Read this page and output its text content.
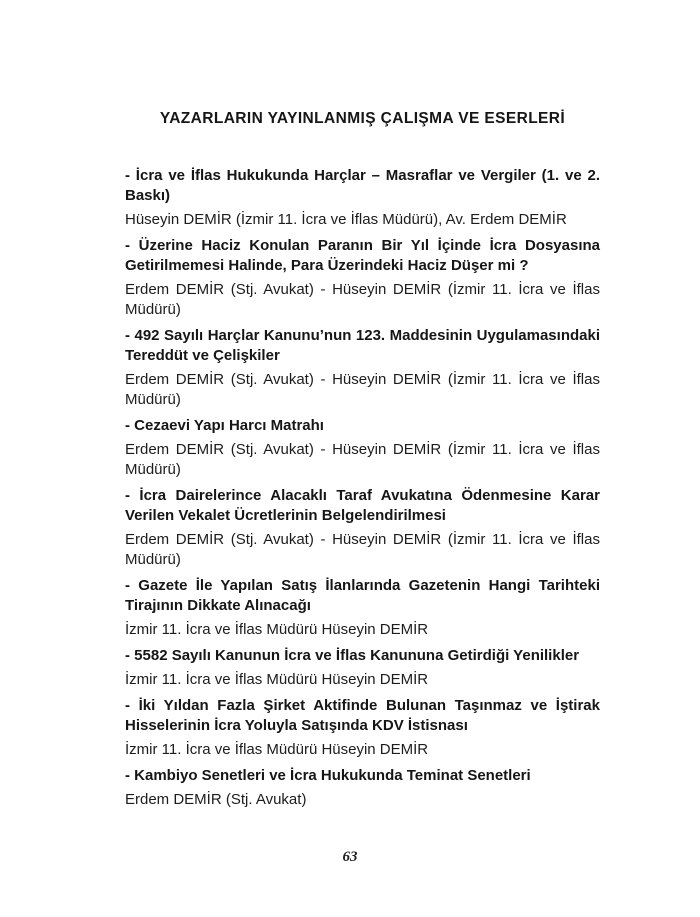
YAZARLARIN YAYINLANMIŞ ÇALIŞMA VE ESERLERİ

- İcra ve İflas Hukukunda Harçlar – Masraflar ve Vergiler (1. ve 2. Baskı)

Hüseyin DEMİR (İzmir 11. İcra ve İflas Müdürü), Av. Erdem DEMİR

- Üzerine Haciz Konulan Paranın Bir Yıl İçinde İcra Dosyasına Getirilmemesi Halinde, Para Üzerindeki Haciz Düşer mi ?

Erdem DEMİR (Stj. Avukat) - Hüseyin DEMİR (İzmir 11. İcra ve İflas Müdürü)

- 492 Sayılı Harçlar Kanunu’nun 123. Maddesinin Uygulamasındaki Tereddüt ve Çelişkiler

Erdem DEMİR (Stj. Avukat) - Hüseyin DEMİR (İzmir 11. İcra ve İflas Müdürü)

- Cezaevi Yapı Harcı Matrahı

Erdem DEMİR (Stj. Avukat) - Hüseyin DEMİR (İzmir 11. İcra ve İflas Müdürü)

- İcra Dairelerince Alacaklı Taraf Avukatına Ödenmesine Karar Verilen Vekalet Ücretlerinin Belgelendirilmesi

Erdem DEMİR (Stj. Avukat) - Hüseyin DEMİR (İzmir 11. İcra ve İflas Müdürü)

- Gazete İle Yapılan Satış İlanlarında Gazetenin Hangi Tarihteki Tirajının Dikkate Alınacağı

İzmir 11. İcra ve İflas Müdürü Hüseyin DEMİR

- 5582 Sayılı Kanunun İcra ve İflas Kanununa Getirdiği Yenilikler

İzmir 11. İcra ve İflas Müdürü Hüseyin DEMİR

- İki Yıldan Fazla Şirket Aktifinde Bulunan Taşınmaz ve İştirak Hisselerinin İcra Yoluyla Satışında KDV İstisnası

İzmir 11. İcra ve İflas Müdürü Hüseyin DEMİR

- Kambiyo Senetleri ve İcra Hukukunda Teminat Senetleri

Erdem DEMİR (Stj. Avukat)

63
